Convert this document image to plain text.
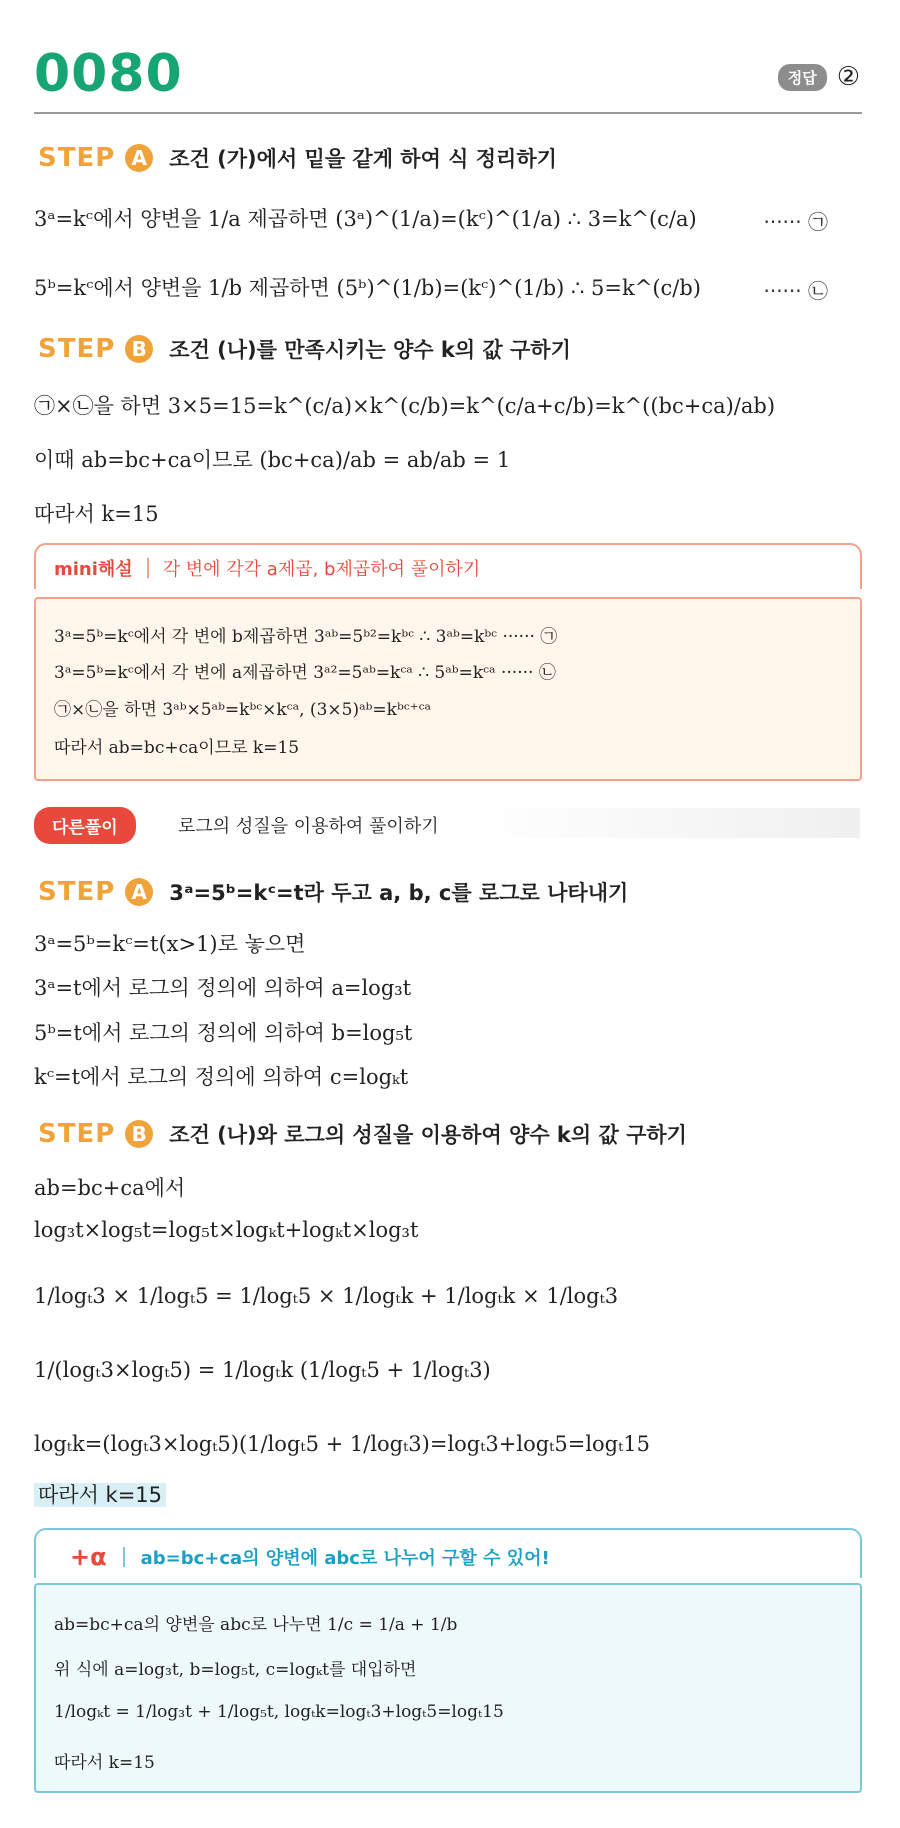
0080	정답 ②
STEP A 조건 (가)에서 밑을 같게 하여 식 정리하기
3ᵃ=kᶜ에서 양변을 1/a 제곱하면 (3ᵃ)^(1/a)=(kᶜ)^(1/a) ∴ 3=k^(c/a)	······ ㉠
5ᵇ=kᶜ에서 양변을 1/b 제곱하면 (5ᵇ)^(1/b)=(kᶜ)^(1/b) ∴ 5=k^(c/b)	······ ㉡
STEP B	조건 (나)를 만족시키는 양수 k의 값 구하기
㉠×㉡을 하면 3×5=15=k^(c/a)×k^(c/b)=k^(c/a+c/b)=k^((bc+ca)/ab)
이때 ab=bc+ca이므로 (bc+ca)/ab = ab/ab = 1
따라서 k=15
mini해설 각 변에 각각 a제곱, b제곱하여 풀이하기
3ᵃ=5ᵇ=kᶜ에서 각 변에 b제곱하면 3ᵃᵇ=5ᵇ²=kᵇᶜ ∴ 3ᵃᵇ=kᵇᶜ ······ ㉠
3ᵃ=5ᵇ=kᶜ에서 각 변에 a제곱하면 3ᵃ²=5ᵃᵇ=kᶜᵃ ∴ 5ᵃᵇ=kᶜᵃ ······ ㉡
㉠×㉡을 하면 3ᵃᵇ×5ᵃᵇ=kᵇᶜ×kᶜᵃ, (3×5)ᵃᵇ=kᵇᶜ⁺ᶜᵃ
따라서 ab=bc+ca이므로 k=15
다른풀이	로그의 성질을 이용하여 풀이하기
STEP A 3ᵃ=5ᵇ=kᶜ=t라 두고 a, b, c를 로그로 나타내기
3ᵃ=5ᵇ=kᶜ=t(x>1)로 놓으면
3ᵃ=t에서 로그의 정의에 의하여 a=log₃t
5ᵇ=t에서 로그의 정의에 의하여 b=log₅t
kᶜ=t에서 로그의 정의에 의하여 c=logₖt
STEP B	조건 (나)와 로그의 성질을 이용하여 양수 k의 값 구하기
ab=bc+ca에서
log₃t×log₅t=log₅t×logₖt+logₖt×log₃t
1/logₜ3 × 1/logₜ5 = 1/logₜ5 × 1/logₜk + 1/logₜk × 1/logₜ3
1/(logₜ3×logₜ5) = 1/logₜk (1/logₜ5 + 1/logₜ3)
logₜk=(logₜ3×logₜ5)(1/logₜ5 + 1/logₜ3)=logₜ3+logₜ5=logₜ15
따라서 k=15
+α ab=bc+ca의 양변에 abc로 나누어 구할 수 있어!
ab=bc+ca의 양변을 abc로 나누면 1/c = 1/a + 1/b
위 식에 a=log₃t, b=log₅t, c=logₖt를 대입하면
1/logₖt = 1/log₃t + 1/log₅t, logₜk=logₜ3+logₜ5=logₜ15
따라서 k=15
